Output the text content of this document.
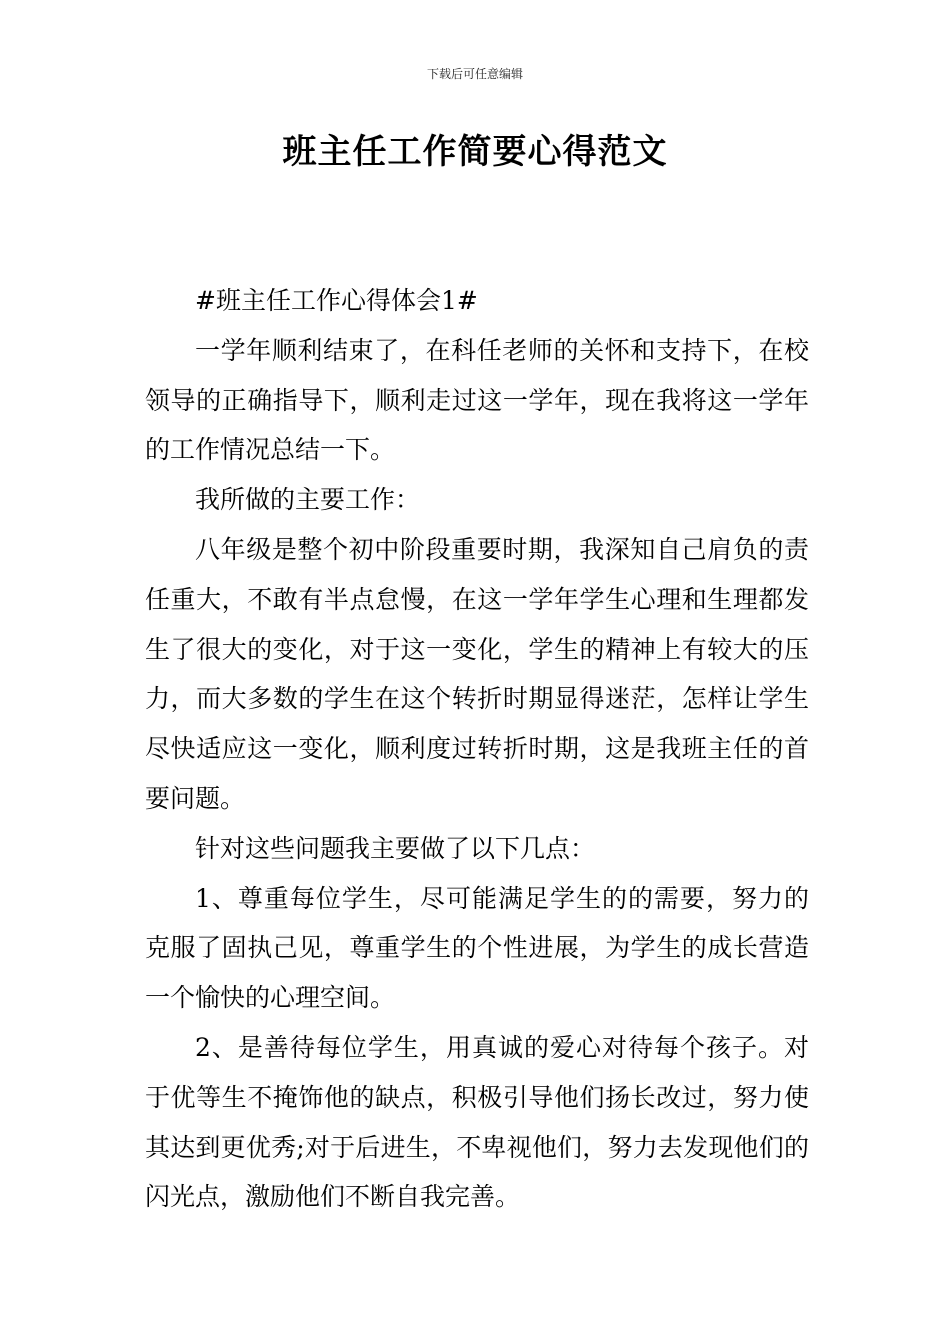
下载后可任意编辑
班主任工作简要心得范文

#班主任工作心得体会1#

一学年顺利结束了，在科任老师的关怀和支持下，在校领导的正确指导下，顺利走过这一学年，现在我将这一学年的工作情况总结一下。

我所做的主要工作：

八年级是整个初中阶段重要时期，我深知自己肩负的责任重大，不敢有半点怠慢，在这一学年学生心理和生理都发生了很大的变化，对于这一变化，学生的精神上有较大的压力，而大多数的学生在这个转折时期显得迷茫，怎样让学生尽快适应这一变化，顺利度过转折时期，这是我班主任的首要问题。

针对这些问题我主要做了以下几点：

1、尊重每位学生，尽可能满足学生的的需要，努力的克服了固执己见，尊重学生的个性进展，为学生的成长营造一个愉快的心理空间。

2、是善待每位学生，用真诚的爱心对待每个孩子。对于优等生不掩饰他的缺点，积极引导他们扬长改过，努力使其达到更优秀;对于后进生，不卑视他们，努力去发现他们的闪光点，激励他们不断自我完善。
